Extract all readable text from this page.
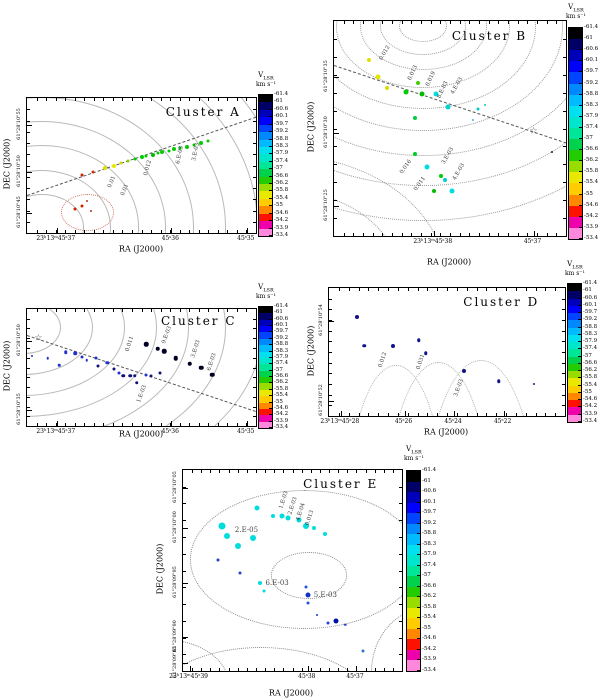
0.01
0.01
0.012
6.E-03 3.E-03
Cluster A
RA (J2000)
DEC (J2000)
$V_{LSR}$
km s⁻¹
☆
0.012
0.013 0.019
8.E-03 4.E-03
0.016
0.011
3.E-03
4.E-03
Cluster B
RA (J2000)
DEC (J2000)
$V_{LSR}$
km s⁻¹
☆	0.011	9.E-03
3.E-03
6.E-03
1.E-03
Cluster C
RA (J2000)
DEC (J2000)
$V_{LSR}$
km s⁻¹
0.012	0.031
3.E-03
Cluster D
RA (J2000)
DEC (J2000)
$V_{LSR}$
km s⁻¹
1.E-03
2.E-03
4.E-04
0.013
2.E-05
6.E-03
5.E-03
Cluster E
RA (J2000)
DEC (J2000)
$V_{LSR}$
km s⁻¹
23ʰ13ᵐ45ˢ37	45ˢ36	45ˢ35
61°28'10"55
61°28'10"50
61°28'10"45
23ʰ13ᵐ45ˢ38	45ˢ37
61°28'10"35
61°28'10"30
61°28'10"25
23ʰ13ᵐ45ˢ37	45ˢ36	45ˢ35
61°28'10"50
61°28'10"35	23ʰ13ᵐ45ˢ28	45ˢ26	45ˢ24	45ˢ22
61°28'10"54
61°28'10"52
23ʰ13ᵐ45ˢ39	45ˢ38	45ˢ37
61°28'10"05
61°28'10"00
61°28'09"95
61°28'09"90
61°28'09"85
-61.4
-61
-60.6
-60.1
-59.7
-59.2
-58.8
-58.3
-57.9
-57.4
-57
-56.6
-56.2
-55.8
-55.4
-55
-54.6
-54.2
-53.9
-53.4
-61.4
-61
-60.6
-60.1
-59.7
-59.2
-58.8
-58.3
-57.9
-57.4
-57
-56.6
-56.2
-55.8
-55.4
-55
-54.6
-54.2
-53.9
-53.4
-61.4
-61
-60.6
-60.1
-59.7
-59.2
-58.8
-58.3
-57.9
-57.4
-57
-56.6
-56.2
-55.8
-55.4
-55
-54.6
-54.2
-53.9
-53.4
-61.4
-61
-60.6
-60.1
-59.7
-59.2
-58.8
-58.3
-57.9
-57.4
-57
-56.6
-56.2
-55.8
-55.4
-55
-54.6
-54.2
-53.9
-53.4
-61.4
-61
-60.6
-60.1
-59.7
-59.2
-58.8
-58.3
-57.9
-57.4
-57
-56.6
-56.2
-55.8
-55.4
-55
-54.6
-54.2
-53.9
-53.4
